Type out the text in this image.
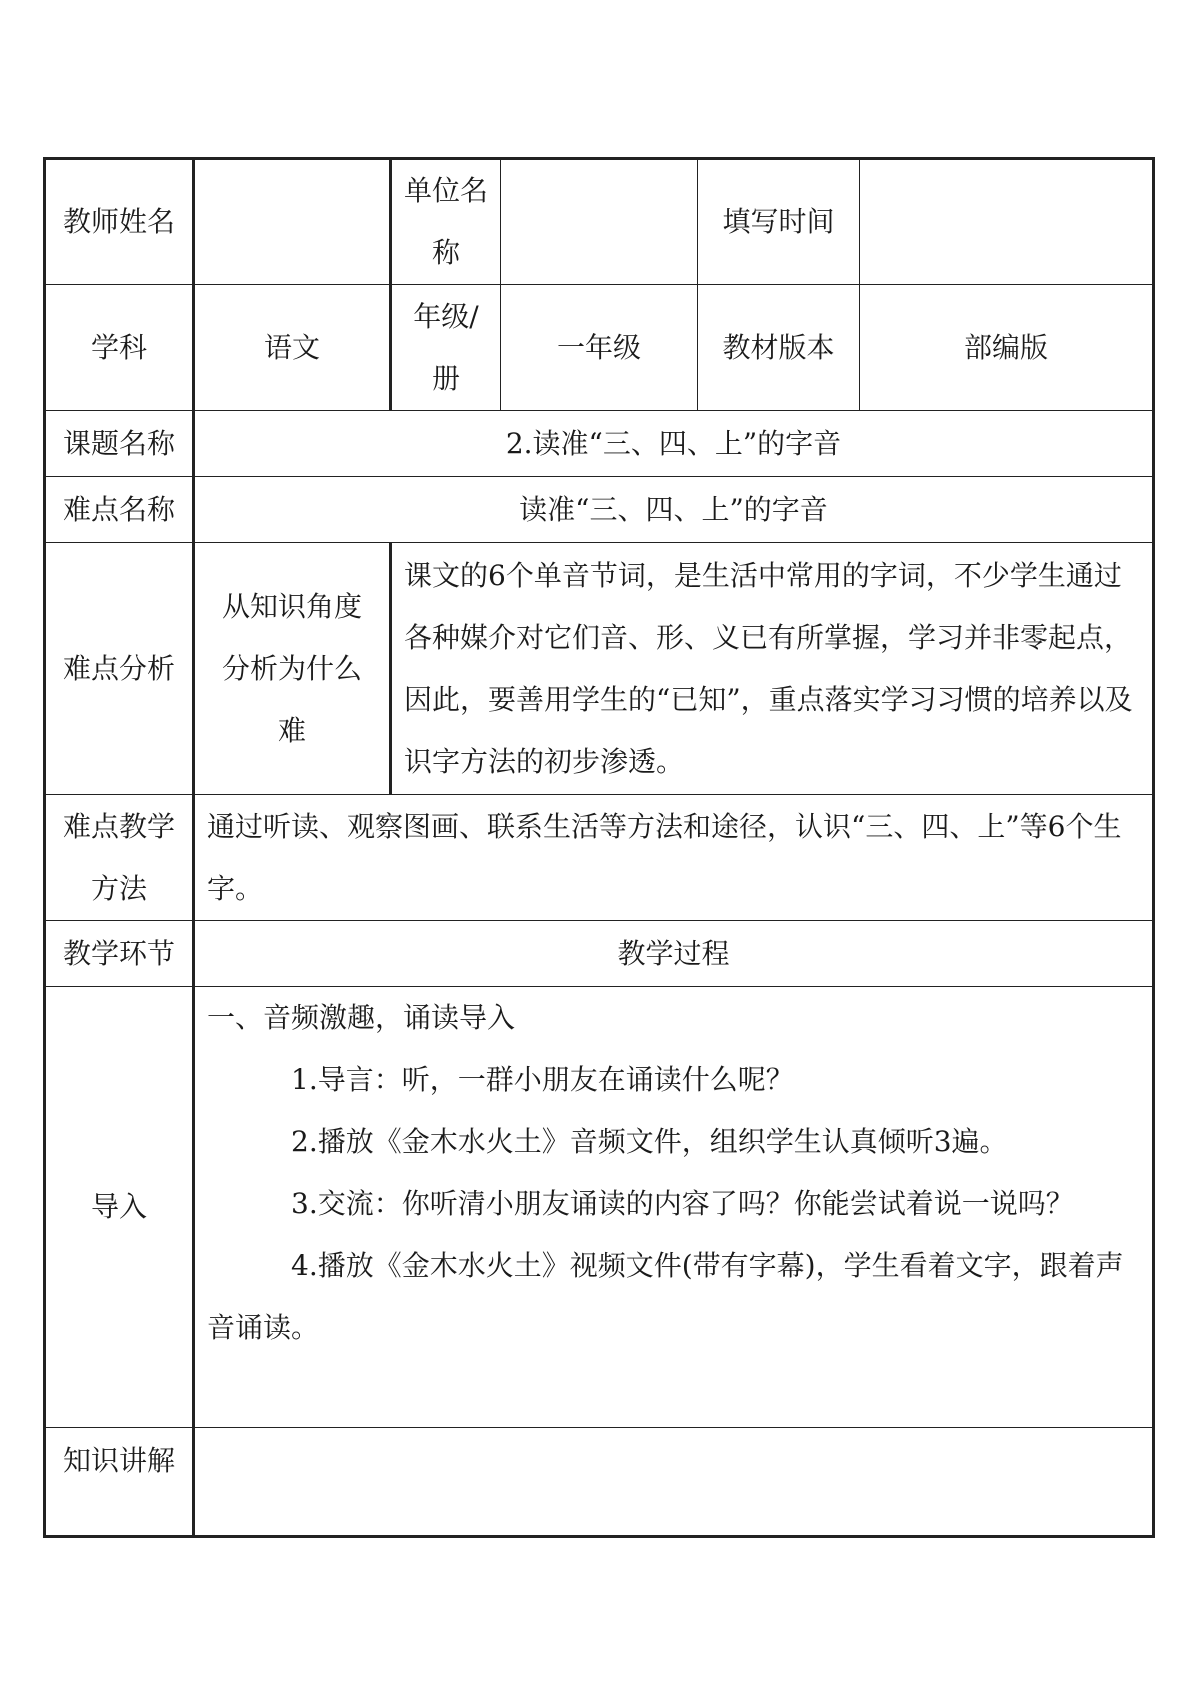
教师姓名		单位名称		填写时间	
学科	语文	年级/册	一年级	教材版本	部编版
课题名称	2.读准“三、四、上”的字音				
难点名称	读准“三、四、上”的字音				
难点分析	从知识角度分析为什么难	课文的6个单音节词，是生活中常用的字词，不少学生通过各种媒介对它们音、形、义已有所掌握，学习并非零起点，因此，要善用学生的“已知”，重点落实学习习惯的培养以及识字方法的初步渗透。			
难点教学方法	通过听读、观察图画、联系生活等方法和途径，认识“三、四、上”等6个生字。				
教学环节	教学过程				
导入	一、音频激趣，诵读导入
1.导言：听，一群小朋友在诵读什么呢？
2.播放《金木水火土》音频文件，组织学生认真倾听3遍。
3.交流：你听清小朋友诵读的内容了吗？你能尝试着说一说吗？
4.播放《金木水火土》视频文件(带有字幕)，学生看着文字，跟着声音诵读。				

知识讲解					
